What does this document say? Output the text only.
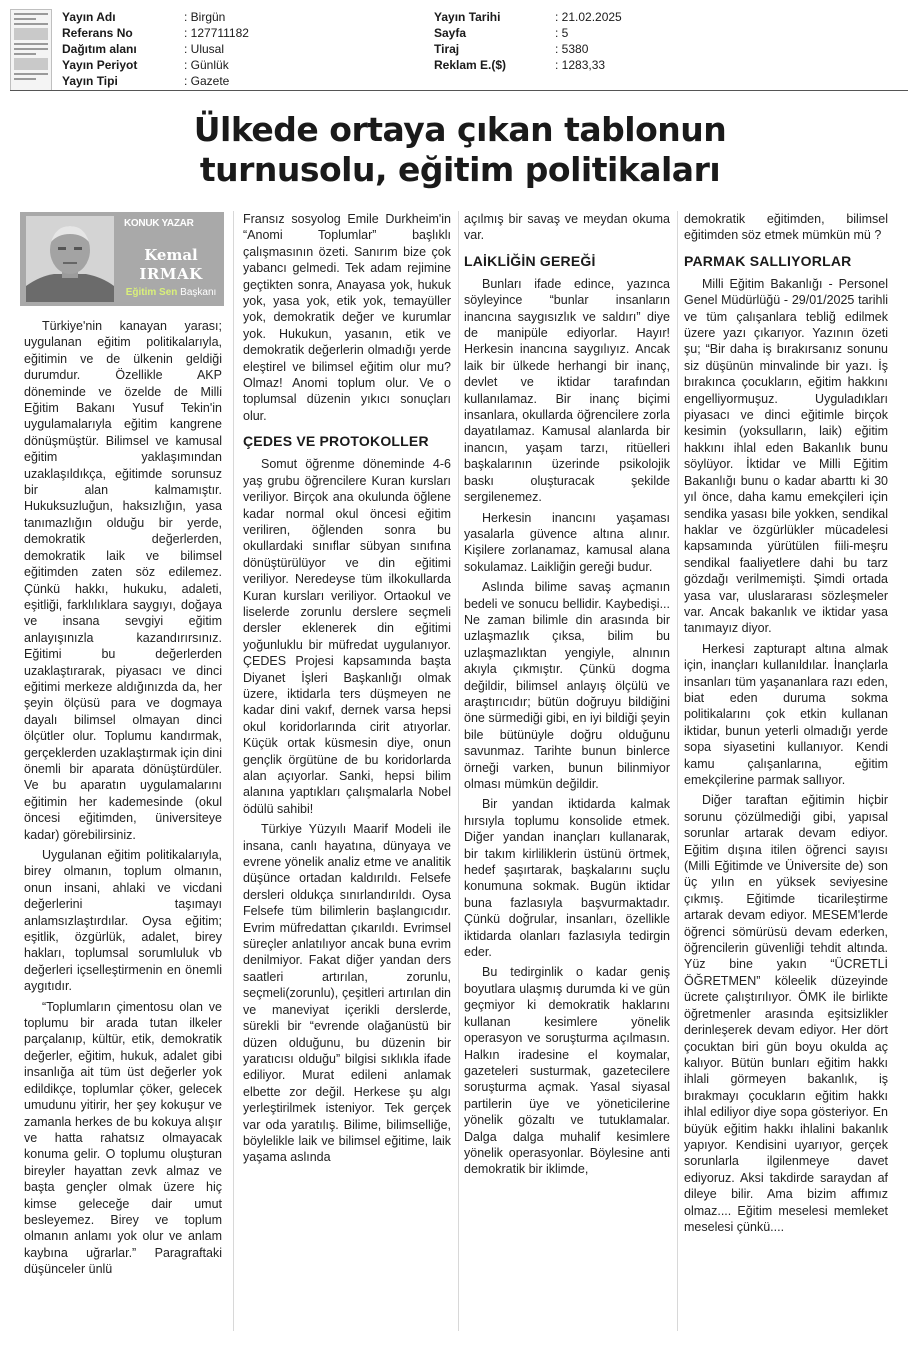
Yayın Adı	: Birgün
Referans No	: 127711182
Dağıtım alanı	: Ulusal
Yayın Periyot	: Günlük
Yayın Tipi	: Gazete
Yayın Tarihi	: 21.02.2025
Sayfa	: 5
Tiraj	: 5380
Reklam E.($)	: 1283,33
Ülkede ortaya çıkan tablonun
turnusolu, eğitim politikaları
KONUK YAZAR
Kemal
IRMAK
Eğitim Sen Başkanı

Türkiye'nin kanayan yarası; uygulanan eğitim politikalarıyla, eğitimin ve de ülkenin geldiği durumdur. Özellikle AKP döneminde ve özelde de Milli Eğitim Bakanı Yusuf Tekin'in uygulamalarıyla eğitim kangrene dönüşmüştür. Bilimsel ve kamusal eğitim yaklaşımından uzaklaşıldıkça, eğitimde sorunsuz bir alan kalmamıştır. Hukuksuzluğun, haksızlığın, yasa tanımazlığın olduğu bir yerde, demokratik değerlerden, demokratik laik ve bilimsel eğitimden zaten söz edilemez. Çünkü hakkı, hukuku, adaleti, eşitliği, farklılıklara saygıyı, doğaya ve insana sevgiyi eğitim anlayışınızla kazandırırsınız. Eğitimi bu değerlerden uzaklaştırarak, piyasacı ve dinci eğitimi merkeze aldığınızda da, her şeyin ölçüsü para ve dogmaya dayalı bilimsel olmayan dinci ölçütler olur. Toplumu kandırmak, gerçeklerden uzaklaştırmak için dini önemli bir aparata dönüştürdüler. Ve bu aparatın uygulamalarını eğitimin her kademesinde (okul öncesi eğitimden, üniversiteye kadar) görebilirsiniz.

Uygulanan eğitim politikalarıyla, birey olmanın, toplum olmanın, onun insani, ahlaki ve vicdani değerlerini taşımayı anlamsızlaştırdılar. Oysa eğitim; eşitlik, özgürlük, adalet, birey hakları, toplumsal sorumluluk vb değerleri içselleştirmenin en önemli aygıtıdır.

“Toplumların çimentosu olan ve toplumu bir arada tutan ilkeler parçalanıp, kültür, etik, demokratik değerler, eğitim, hukuk, adalet gibi insanlığa ait tüm üst değerler yok edildikçe, toplumlar çöker, gelecek umudunu yitirir, her şey kokuşur ve zamanla herkes de bu kokuya alışır ve hatta rahatsız olmayacak konuma gelir. O toplumu oluşturan bireyler hayattan zevk almaz ve başta gençler olmak üzere hiç kimse geleceğe dair umut besleyemez. Birey ve toplum olmanın anlamı yok olur ve anlam kaybına uğrarlar.” Paragraftaki düşünceler ünlü

Fransız sosyolog Emile Durkheim'in “Anomi Toplumlar” başlıklı çalışmasının özeti. Sanırım bize çok yabancı gelmedi. Tek adam rejimine geçtikten sonra, Anayasa yok, hukuk yok, yasa yok, etik yok, temayüller yok, demokratik değer ve kurumlar yok. Hukukun, yasanın, etik ve demokratik değerlerin olmadığı yerde eleştirel ve bilimsel eğitim olur mu? Olmaz! Anomi toplum olur. Ve o toplumsal düzenin yıkıcı sonuçları olur.

ÇEDES VE PROTOKOLLER

Somut öğrenme döneminde 4-6 yaş grubu öğrencilere Kuran kursları veriliyor. Birçok ana okulunda öğlene kadar normal okul öncesi eğitim veriliren, öğlenden sonra bu okullardaki sınıflar sübyan sınıfına dönüştürülüyor ve din eğitimi veriliyor. Neredeyse tüm ilkokullarda Kuran kursları veriliyor. Ortaokul ve liselerde zorunlu derslere seçmeli dersler eklenerek din eğitimi yoğunluklu bir müfredat uygulanıyor. ÇEDES Projesi kapsamında başta Diyanet İşleri Başkanlığı olmak üzere, iktidarla ters düşmeyen ne kadar dini vakıf, dernek varsa hepsi okul koridorlarında cirit atıyorlar. Küçük ortak küsmesin diye, onun gençlik örgütüne de bu koridorlarda alan açıyorlar. Sanki, hepsi bilim alanına yaptıkları çalışmalarla Nobel ödülü sahibi!

Türkiye Yüzyılı Maarif Modeli ile insana, canlı hayatına, dünyaya ve evrene yönelik analiz etme ve analitik düşünce ortadan kaldırıldı. Felsefe dersleri oldukça sınırlandırıldı. Oysa Felsefe tüm bilimlerin başlangıcıdır. Evrim müfredattan çıkarıldı. Evrimsel süreçler anlatılıyor ancak buna evrim denilmiyor. Fakat diğer yandan ders saatleri artırılan, zorunlu, seçmeli(zorunlu), çeşitleri artırılan din ve maneviyat içerikli derslerde, sürekli bir “evrende olağanüstü bir düzen olduğunu, bu düzenin bir yaratıcısı olduğu” bilgisi sıklıkla ifade ediliyor. Murat edileni anlamak elbette zor değil. Herkese şu algı yerleştirilmek isteniyor. Tek gerçek var oda yaratılış. Bilime, bilimselliğe, böylelikle laik ve bilimsel eğitime, laik yaşama aslında

açılmış bir savaş ve meydan okuma var.

LAİKLİĞİN GEREĞİ

Bunları ifade edince, yazınca söyleyince “bunlar insanların inancına saygısızlık ve saldırı” diye de manipüle ediyorlar. Hayır! Herkesin inancına saygılıyız. Ancak laik bir ülkede herhangi bir inanç, devlet ve iktidar tarafından kullanılamaz. Bir inanç biçimi insanlara, okullarda öğrencilere zorla dayatılamaz. Kamusal alanlarda bir inancın, yaşam tarzı, ritüelleri başkalarının üzerinde psikolojik baskı oluşturacak şekilde sergilenemez.

Herkesin inancını yaşaması yasalarla güvence altına alınır. Kişilere zorlanamaz, kamusal alana sokulamaz. Laikliğin gereği budur.

Aslında bilime savaş açmanın bedeli ve sonucu bellidir. Kaybedişi... Ne zaman bilimle din arasında bir uzlaşmazlık çıksa, bilim bu uzlaşmazlıktan yengiyle, alnının akıyla çıkmıştır. Çünkü dogma değildir, bilimsel anlayış ölçülü ve araştırıcıdır; bütün doğruyu bildiğini öne sürmediği gibi, en iyi bildiği şeyin bile bütünüyle doğru olduğunu savunmaz. Tarihte bunun binlerce örneği varken, bunun bilinmiyor olması mümkün değildir.

Bir yandan iktidarda kalmak hırsıyla toplumu konsolide etmek. Diğer yandan inançları kullanarak, bir takım kirliliklerin üstünü örtmek, hedef şaşırtarak, başkalarını suçlu konumuna sokmak. Bugün iktidar buna fazlasıyla başvurmaktadır. Çünkü doğrular, insanları, özellikle iktidarda olanları fazlasıyla tedirgin eder.

Bu tedirginlik o kadar geniş boyutlara ulaşmış durumda ki ve gün geçmiyor ki demokratik haklarını kullanan kesimlere yönelik operasyon ve soruşturma açılmasın. Halkın iradesine el koymalar, gazeteleri susturmak, gazetecilere soruşturma açmak. Yasal siyasal partilerin üye ve yöneticilerine yönelik gözaltı ve tutuklamalar. Dalga dalga muhalif kesimlere yönelik operasyonlar. Böylesine anti demokratik bir iklimde,

demokratik eğitimden, bilimsel eğitimden söz etmek mümkün mü ?

PARMAK SALLIYORLAR

Milli Eğitim Bakanlığı - Personel Genel Müdürlüğü - 29/01/2025 tarihli ve tüm çalışanlara tebliğ edilmek üzere yazı çıkarıyor. Yazının özeti şu; “Bir daha iş bırakırsanız sonunu siz düşünün minvalinde bir yazı. İş bırakınca çocukların, eğitim hakkını engelliyormuşuz. Uyguladıkları piyasacı ve dinci eğitimle birçok kesimin (yoksulların, laik) eğitim hakkını ihlal eden Bakanlık bunu söylüyor. İktidar ve Milli Eğitim Bakanlığı bunu o kadar abarttı ki 30 yıl önce, daha kamu emekçileri için sendika yasası bile yokken, sendikal haklar ve özgürlükler mücadelesi kapsamında yürütülen fiili-meşru sendikal faaliyetlere dahi bu tarz gözdağı verilmemişti. Şimdi ortada yasa var, uluslararası sözleşmeler var. Ancak bakanlık ve iktidar yasa tanımayız diyor.

Herkesi zapturapt altına almak için, inançları kullanıldılar. İnançlarla insanları tüm yaşananlara razı eden, biat eden duruma sokma politikalarını çok etkin kullanan iktidar, bunun yeterli olmadığı yerde sopa siyasetini kullanıyor. Kendi kamu çalışanlarına, eğitim emekçilerine parmak sallıyor.

Diğer taraftan eğitimin hiçbir sorunu çözülmediği gibi, yapısal sorunlar artarak devam ediyor. Eğitim dışına itilen öğrenci sayısı (Milli Eğitimde ve Üniversite de) son üç yılın en yüksek seviyesine çıkmış. Eğitimde ticarileştirme artarak devam ediyor. MESEM'lerde öğrenci sömürüsü devam ederken, öğrencilerin güvenliği tehdit altında. Yüz bine yakın “ÜCRETLİ ÖĞRETMEN” köleelik düzeyinde ücrete çalıştırılıyor. ÖMK ile birlikte öğretmenler arasında eşitsizlikler derinleşerek devam ediyor. Her dört çocuktan biri gün boyu okulda aç kalıyor. Bütün bunları eğitim hakkı ihlali görmeyen bakanlık, iş bırakmayı çocukların eğitim hakkı ihlal ediliyor diye sopa gösteriyor. En büyük eğitim hakkı ihlalini bakanlık yapıyor. Kendisini uyarıyor, gerçek sorunlarla ilgilenmeye davet ediyoruz. Aksi takdirde saraydan af dileye bilir. Ama bizim affımız olmaz.... Eğitim meselesi memleket meselesi çünkü....
